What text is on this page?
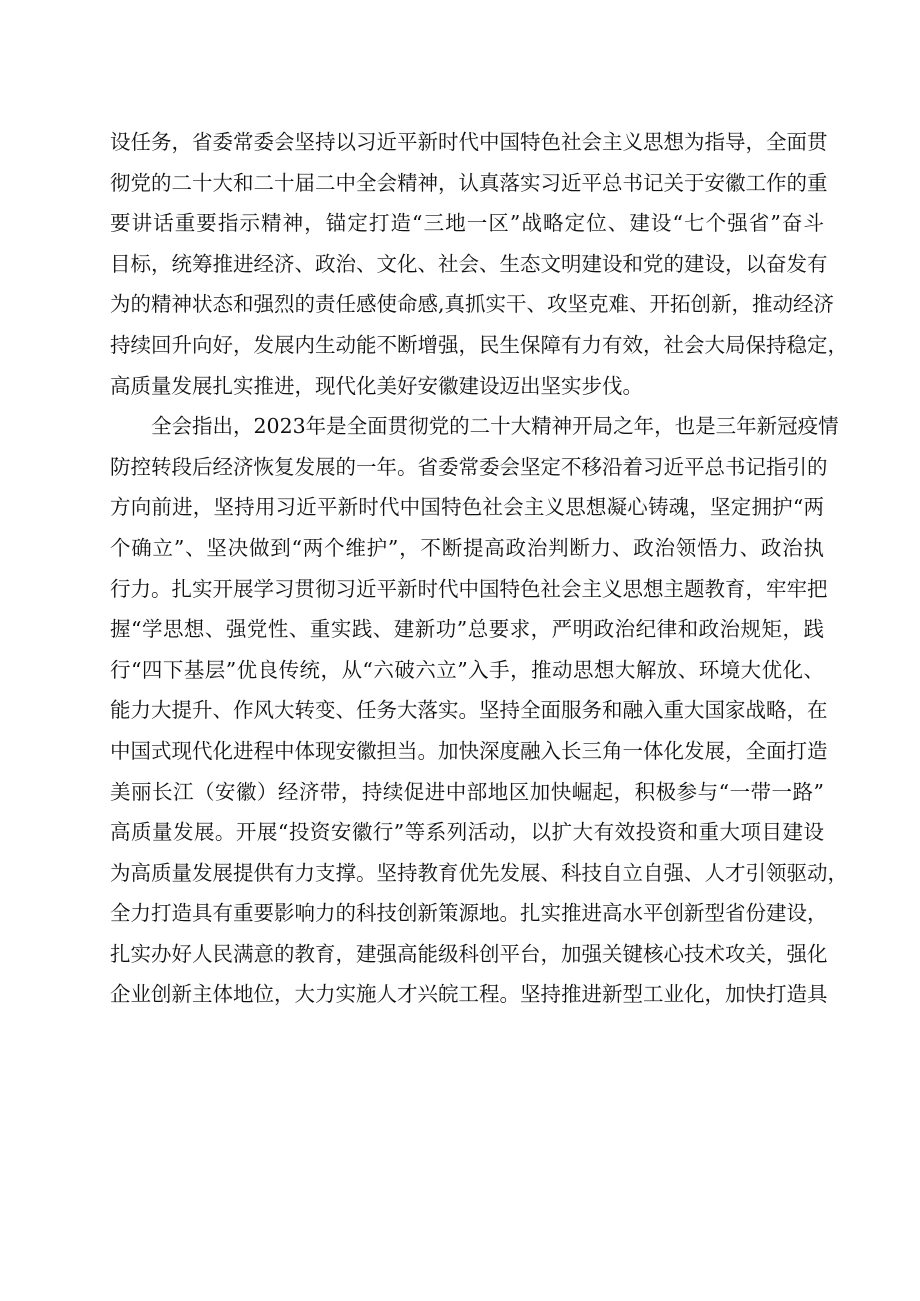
设任务，省委常委会坚持以习近平新时代中国特色社会主义思想为指导，全面贯
彻党的二十大和二十届二中全会精神，认真落实习近平总书记关于安徽工作的重
要讲话重要指示精神，锚定打造“三地一区”战略定位、建设“七个强省”奋斗
目标，统筹推进经济、政治、文化、社会、生态文明建设和党的建设，以奋发有
为的精神状态和强烈的责任感使命感,真抓实干、攻坚克难、开拓创新，推动经济
持续回升向好，发展内生动能不断增强，民生保障有力有效，社会大局保持稳定，
高质量发展扎实推进，现代化美好安徽建设迈出坚实步伐。
全会指出，2023年是全面贯彻党的二十大精神开局之年，也是三年新冠疫情
防控转段后经济恢复发展的一年。省委常委会坚定不移沿着习近平总书记指引的
方向前进，坚持用习近平新时代中国特色社会主义思想凝心铸魂，坚定拥护“两
个确立”、坚决做到“两个维护”，不断提高政治判断力、政治领悟力、政治执
行力。扎实开展学习贯彻习近平新时代中国特色社会主义思想主题教育，牢牢把
握“学思想、强党性、重实践、建新功”总要求，严明政治纪律和政治规矩，践
行“四下基层”优良传统，从“六破六立”入手，推动思想大解放、环境大优化、
能力大提升、作风大转变、任务大落实。坚持全面服务和融入重大国家战略，在
中国式现代化进程中体现安徽担当。加快深度融入长三角一体化发展，全面打造
美丽长江（安徽）经济带，持续促进中部地区加快崛起，积极参与“一带一路”
高质量发展。开展“投资安徽行”等系列活动，以扩大有效投资和重大项目建设
为高质量发展提供有力支撑。坚持教育优先发展、科技自立自强、人才引领驱动，
全力打造具有重要影响力的科技创新策源地。扎实推进高水平创新型省份建设，
扎实办好人民满意的教育，建强高能级科创平台，加强关键核心技术攻关，强化
企业创新主体地位，大力实施人才兴皖工程。坚持推进新型工业化，加快打造具
